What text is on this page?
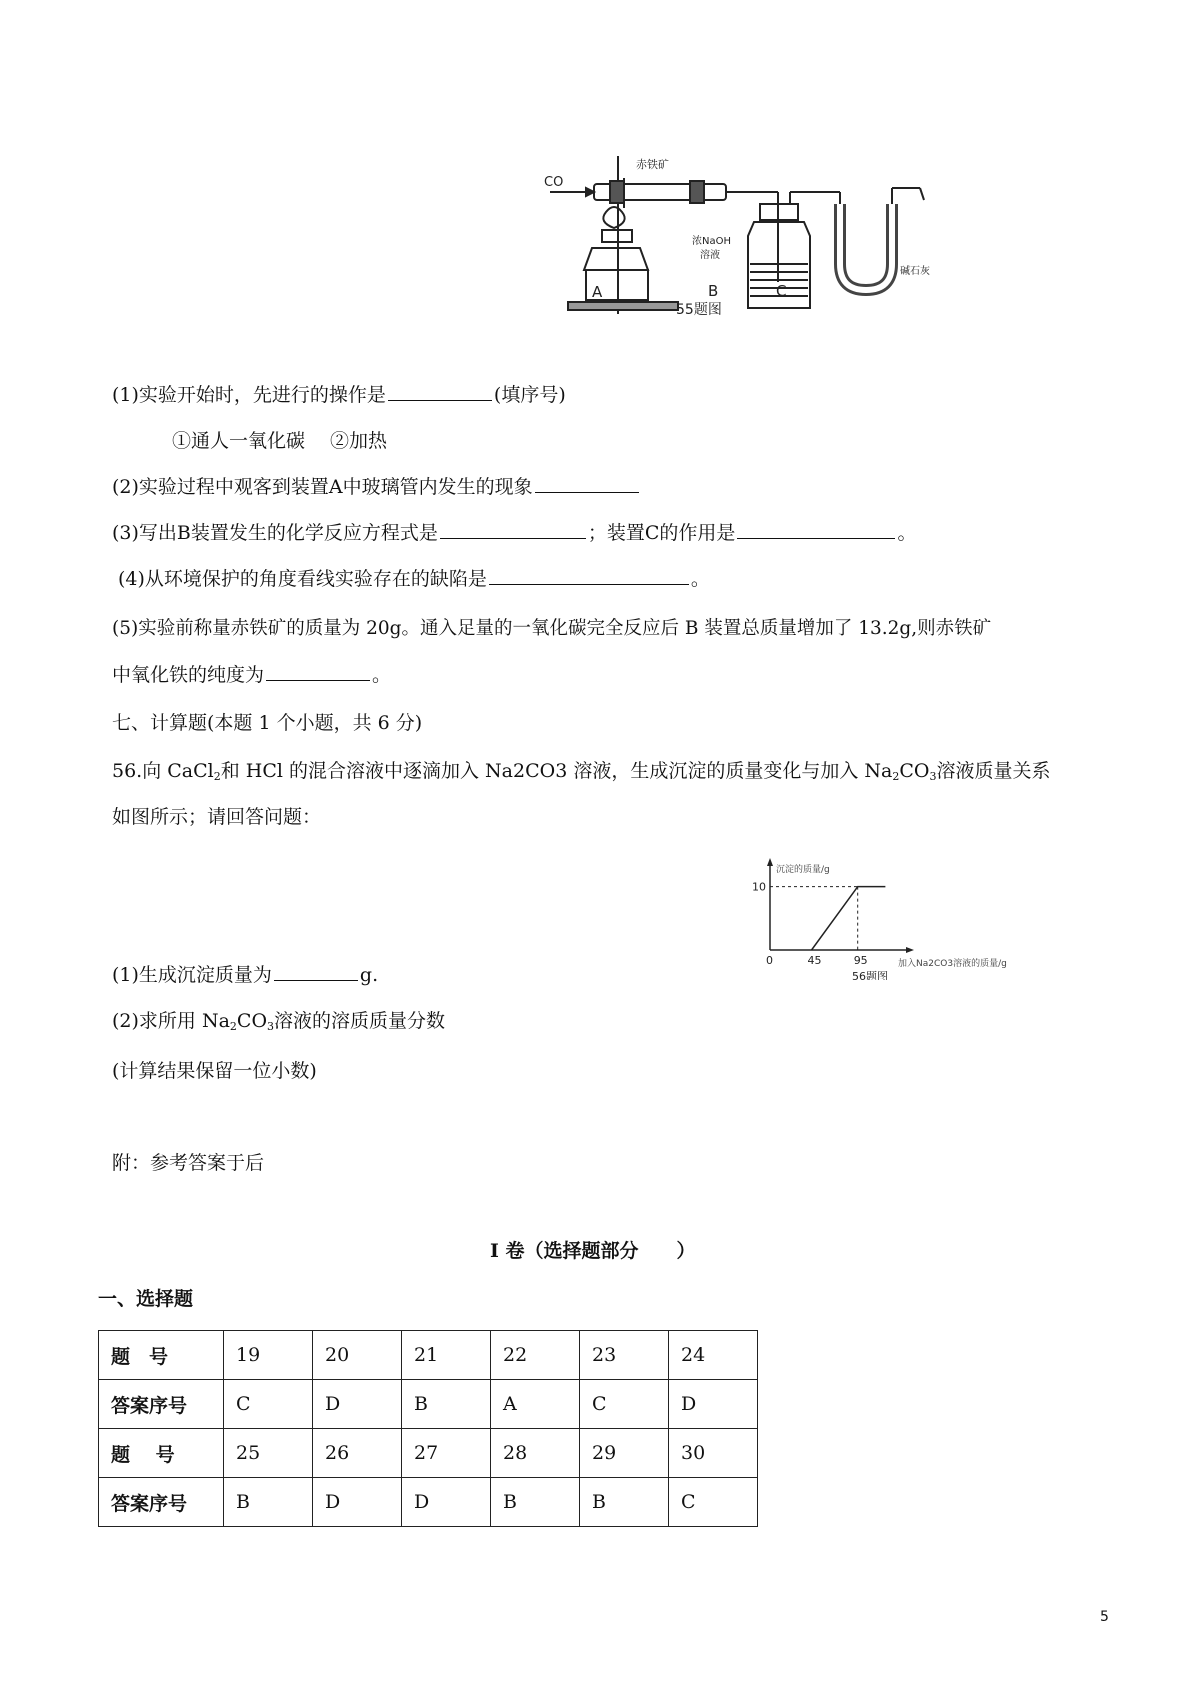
CO
赤铁矿
浓NaOH
溶液
碱石灰
A	B	C
55题图
(1)实验开始时，先进行的操作是	(填序号)
①通人一氧化碳　 ②加热
(2)实验过程中观客到装置A中玻璃管内发生的现象
(3)写出B装置发生的化学反应方程式是	；装置C的作用是	。
(4)从环境保护的角度看线实验存在的缺陷是	。
(5)实验前称量赤铁矿的质量为 20g。通入足量的一氧化碳完全反应后 B 装置总质量增加了 13.2g,则赤铁矿
中氧化铁的纯度为	。
七、计算题(本题 1 个小题，共 6 分)
56.向 CaCl$_2$和 HCl 的混合溶液中逐滴加入 Na2CO3 溶液，生成沉淀的质量变化与加入 $Na_2CO_3$溶液质量关系
如图所示；请回答问题：
沉淀的质量/g
加入Na2CO3溶液的质量/g
56题图
0	45	95
10
(1)生成沉淀质量为	g.
(2)求所用 $Na_2CO_3$溶液的溶质质量分数
(计算结果保留一位小数)
附：参考答案于后
I 卷（选择题部分　　）
一、选择题
题　号	19	20	21	22	23	24
答案序号	C	D	B	A	C	D
题　 号	25	26	27	28	29	30
答案序号	B	D	D	B	B	C
5
